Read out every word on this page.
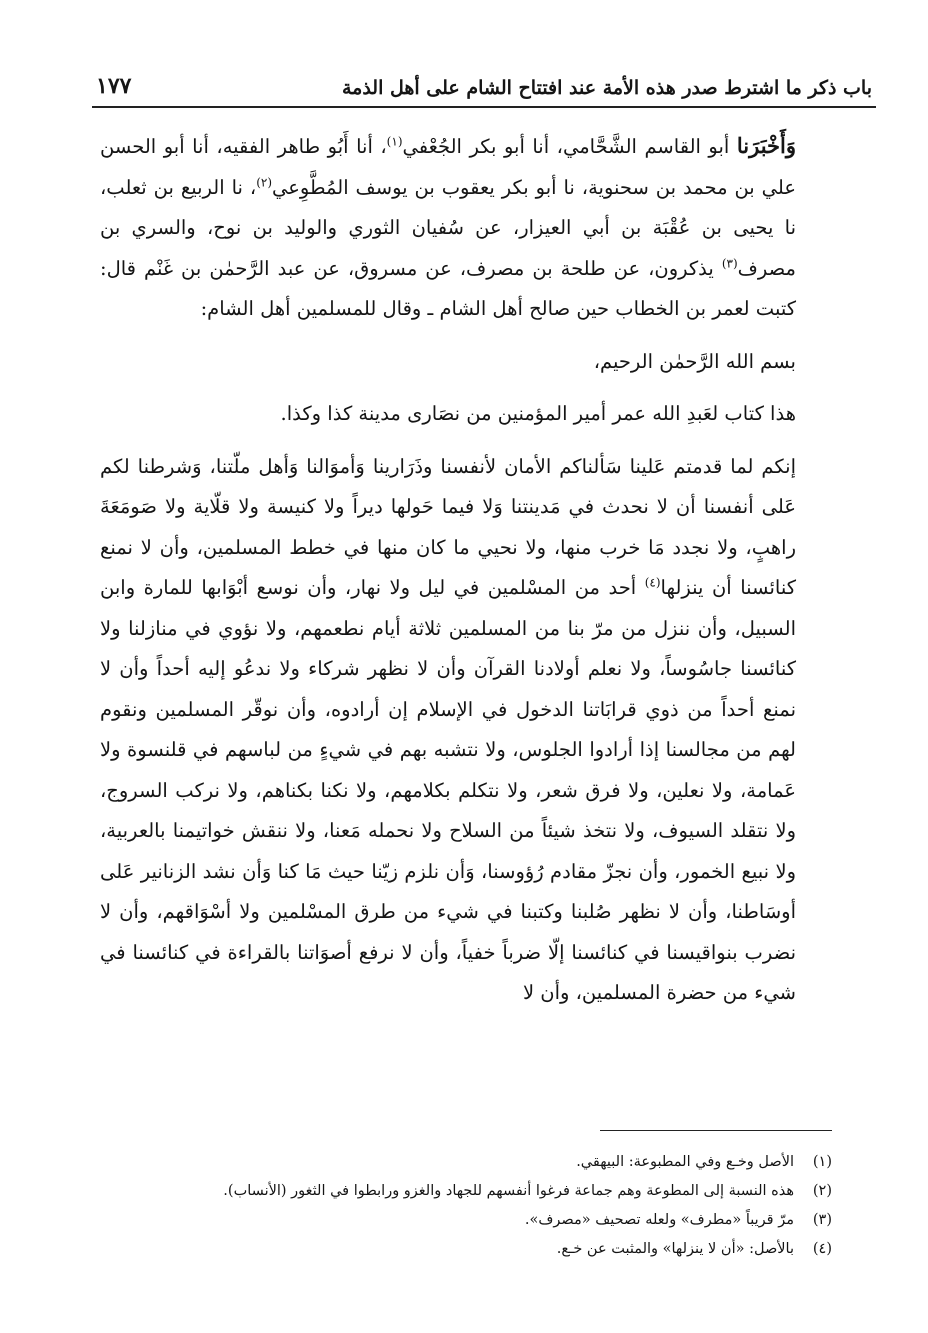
باب ذكر ما اشترط صدر هذه الأمة عند افتتاح الشام على أهل الذمة
١٧٧

وَأَخْبَرَنا أبو القاسم الشَّحَّامي، أنا أبو بكر الجُعْفي$^{(١)}$، أنا أَبُو طاهر الفقيه، أنا أبو الحسن علي بن محمد بن سحنوية، نا أبو بكر يعقوب بن يوسف المُطَّوِعي$^{(٢)}$، نا الربيع بن ثعلب، نا يحيى بن عُقْبَة بن أبي العيزار، عن سُفيان الثوري والوليد بن نوح، والسري بن مصرف$^{(٣)}$ يذكرون، عن طلحة بن مصرف، عن مسروق، عن عبد الرَّحمٰن بن غَنْم قال: كتبت لعمر بن الخطاب حين صالح أهل الشام ـ وقال للمسلمين أهل الشام:

بسم الله الرَّحمٰن الرحيم،

هذا كتاب لعَبدِ الله عمر أمير المؤمنين من نصَارى مدينة كذا وكذا.

إنكم لما قدمتم عَلينا سَألناكم الأمان لأنفسنا وذَرَارينا وَأموَالنا وَأهل ملّتنا، وَشرطنا لكم عَلى أنفسنا أن لا نحدث في مَدينتنا وَلا فيما حَولها ديراً ولا كنيسة ولا قلّاية ولا صَومَعَةَ راهبٍ، ولا نجدد مَا خرب منها، ولا نحيي ما كان منها في خطط المسلمين، وأن لا نمنع كنائسنا أن ينزلها$^{(٤)}$ أحد من المسْلمين في ليل ولا نهار، وأن نوسع أبْوَابها للمارة وابن السبيل، وأن ننزل من مرّ بنا من المسلمين ثلاثة أيام نطعمهم، ولا نؤوي في منازلنا ولا كنائسنا جاسُوساً، ولا نعلم أولادنا القرآن وأن لا نظهر شركاء ولا ندعُو إليه أحداً وأن لا نمنع أحداً من ذوي قرابَاتنا الدخول في الإسلام إن أرادوه، وأن نوقّر المسلمين ونقوم لهم من مجالسنا إذا أرادوا الجلوس، ولا نتشبه بهم في شيءٍ من لباسهم في قلنسوة ولا عَمامة، ولا نعلين، ولا فرق شعر، ولا نتكلم بكلامهم، ولا نكنا بكناهم، ولا نركب السروج، ولا نتقلد السيوف، ولا نتخذ شيئاً من السلاح ولا نحمله مَعنا، ولا ننقش خواتيمنا بالعربية، ولا نبيع الخمور، وأن نجزّ مقادم رُؤوسنا، وَأن نلزم زيّنا حيث مَا كنا وَأن نشد الزنانير عَلى أوسَاطنا، وأن لا نظهر صُلبنا وكتبنا في شيء من طرق المسْلمين ولا أسْوَاقهم، وأن لا نضرب بنواقيسنا في كنائسنا إلّا ضرباً خفياً، وأن لا نرفع أصوَاتنا بالقراءة في كنائسنا في شيء من حضرة المسلمين، وأن لا

(١)
الأصل وخـع وفي المطبوعة: البيهقي.
(٢)
هذه النسبة إلى المطوعة وهم جماعة فرغوا أنفسهم للجهاد والغزو ورابطوا في الثغور (الأنساب).
(٣)
مرّ قريباً «مطرف» ولعله تصحيف «مصرف».
(٤)
بالأصل: «أن لا ينزلها» والمثبت عن خـع.
